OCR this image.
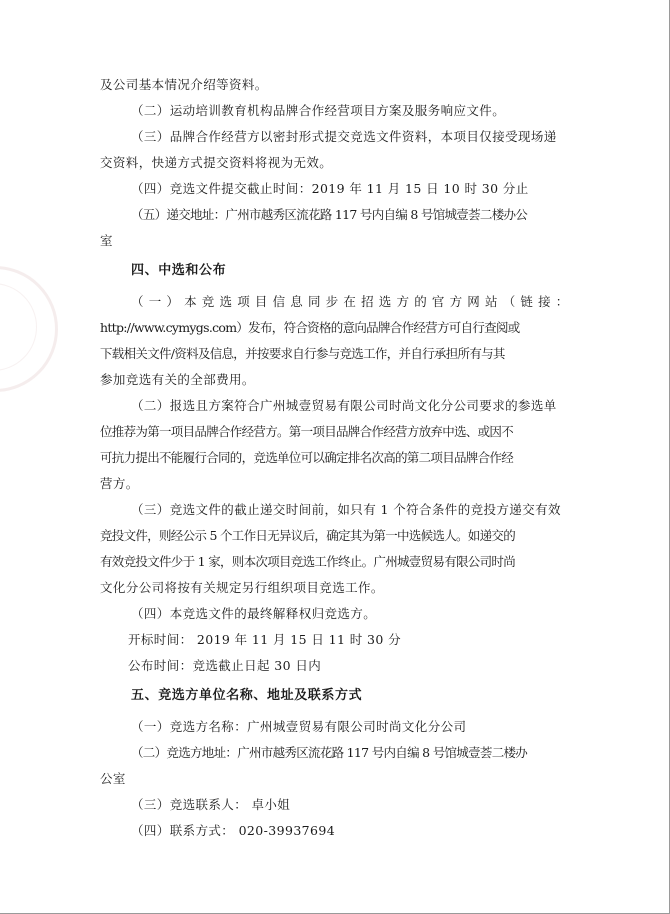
及公司基本情况介绍等资料。
（二）运动培训教育机构品牌合作经营项目方案及服务响应文件。
（三）品牌合作经营方以密封形式提交竞选文件资料，本项目仅接受现场递
交资料，快递方式提交资料将视为无效。
（四）竞选文件提交截止时间：2019 年 11 月 15 日 10 时 30 分止
（五）递交地址：广州市越秀区流花路 117 号内自编 8 号馆城壹荟二楼办公
室
四、中选和公布
（一）本竞选项目信息同步在招选方的官方网站（链接：
http://www.cymygs.com）发布，符合资格的意向品牌合作经营方可自行查阅或
下载相关文件/资料及信息，并按要求自行参与竞选工作，并自行承担所有与其
参加竞选有关的全部费用。
（二）报选且方案符合广州城壹贸易有限公司时尚文化分公司要求的参选单
位推荐为第一项目品牌合作经营方。第一项目品牌合作经营方放弃中选、或因不
可抗力提出不能履行合同的，竞选单位可以确定排名次高的第二项目品牌合作经
营方。
（三）竞选文件的截止递交时间前，如只有 1 个符合条件的竞投方递交有效
竞投文件，则经公示 5 个工作日无异议后，确定其为第一中选候选人。如递交的
有效竞投文件少于 1 家，则本次项目竞选工作终止。广州城壹贸易有限公司时尚
文化分公司将按有关规定另行组织项目竞选工作。
（四）本竞选文件的最终解释权归竞选方。
开标时间： 2019 年 11 月 15 日 11 时 30 分
公布时间：竞选截止日起 30 日内
五、竞选方单位名称、地址及联系方式
（一）竞选方名称：广州城壹贸易有限公司时尚文化分公司
（二）竞选方地址：广州市越秀区流花路 117 号内自编 8 号馆城壹荟二楼办
公室
（三）竞选联系人： 卓小姐
（四）联系方式： 020-39937694
